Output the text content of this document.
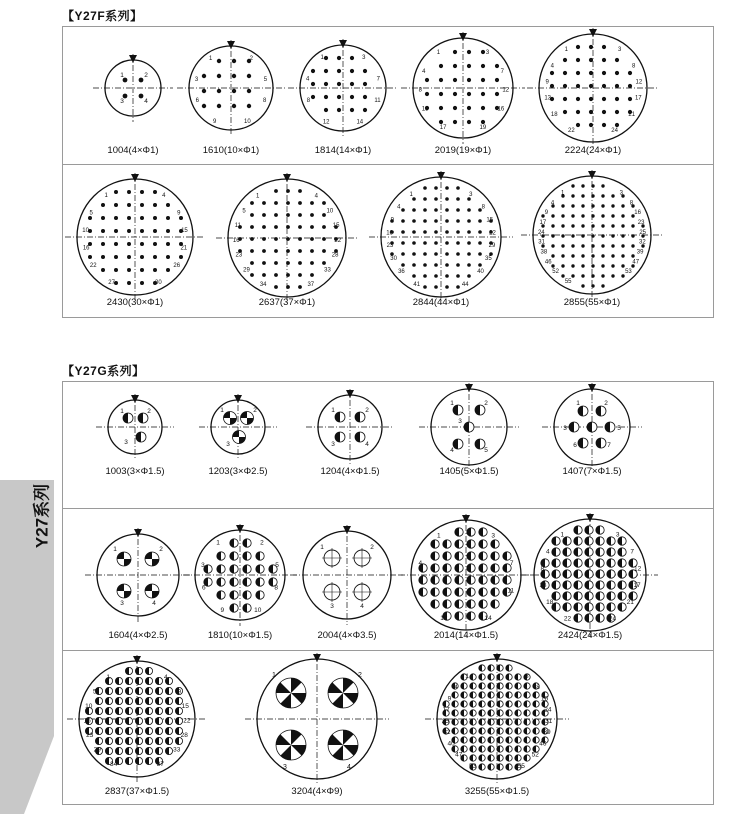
【Y27F系列】
【Y27G系列】
Y27系列
1	2
3	4
1	2
3	5
6	8
9	10
1	3
4	7
8	11
12	14
1	3
4	7
8	12
13	16
17	19
1	3
4	8
9	12
13	17
18	21
22	24
1	4
5	9
10	15
16	21
22	26
27	30
1	4
5	10
11	15
16	22
23	28
29	33
34	37
1	3
4	8
9	15
16	22
23	29
30	35
36	40
41	44
1	3
4	8
9	16
17	23
24	25
31	32
38	39
46	47
52	53
55
1	2
3
1	2
3
1	2
3	4
1	2
3
4	5
1	2
3	5
6	7
1	2
3	4
1	2
3	5
6	8
9	10
1	2
3	4
1	3
4	7
8	11
12	14
1	3
4	7
8	12
13	17
18	21
22	24
1	4
5	9
10	15
16	22
23	28
29	33
34	37
1	2
3	4
1	3
4	8
9	16
17	24
25	31
32	39
40	46
47	52
53	55
1004(4×Φ1)	1610(10×Φ1)	1814(14×Φ1)	2019(19×Φ1)	2224(24×Φ1)
2430(30×Φ1)	2637(37×Φ1)	2844(44×Φ1)	2855(55×Φ1)
1003(3×Φ1.5)	1203(3×Φ2.5)	1204(4×Φ1.5)	1405(5×Φ1.5)	1407(7×Φ1.5)
1604(4×Φ2.5)	1810(10×Φ1.5)	2004(4×Φ3.5)	2014(14×Φ1.5)	2424(24×Φ1.5)
2837(37×Φ1.5)	3204(4×Φ9)	3255(55×Φ1.5)
